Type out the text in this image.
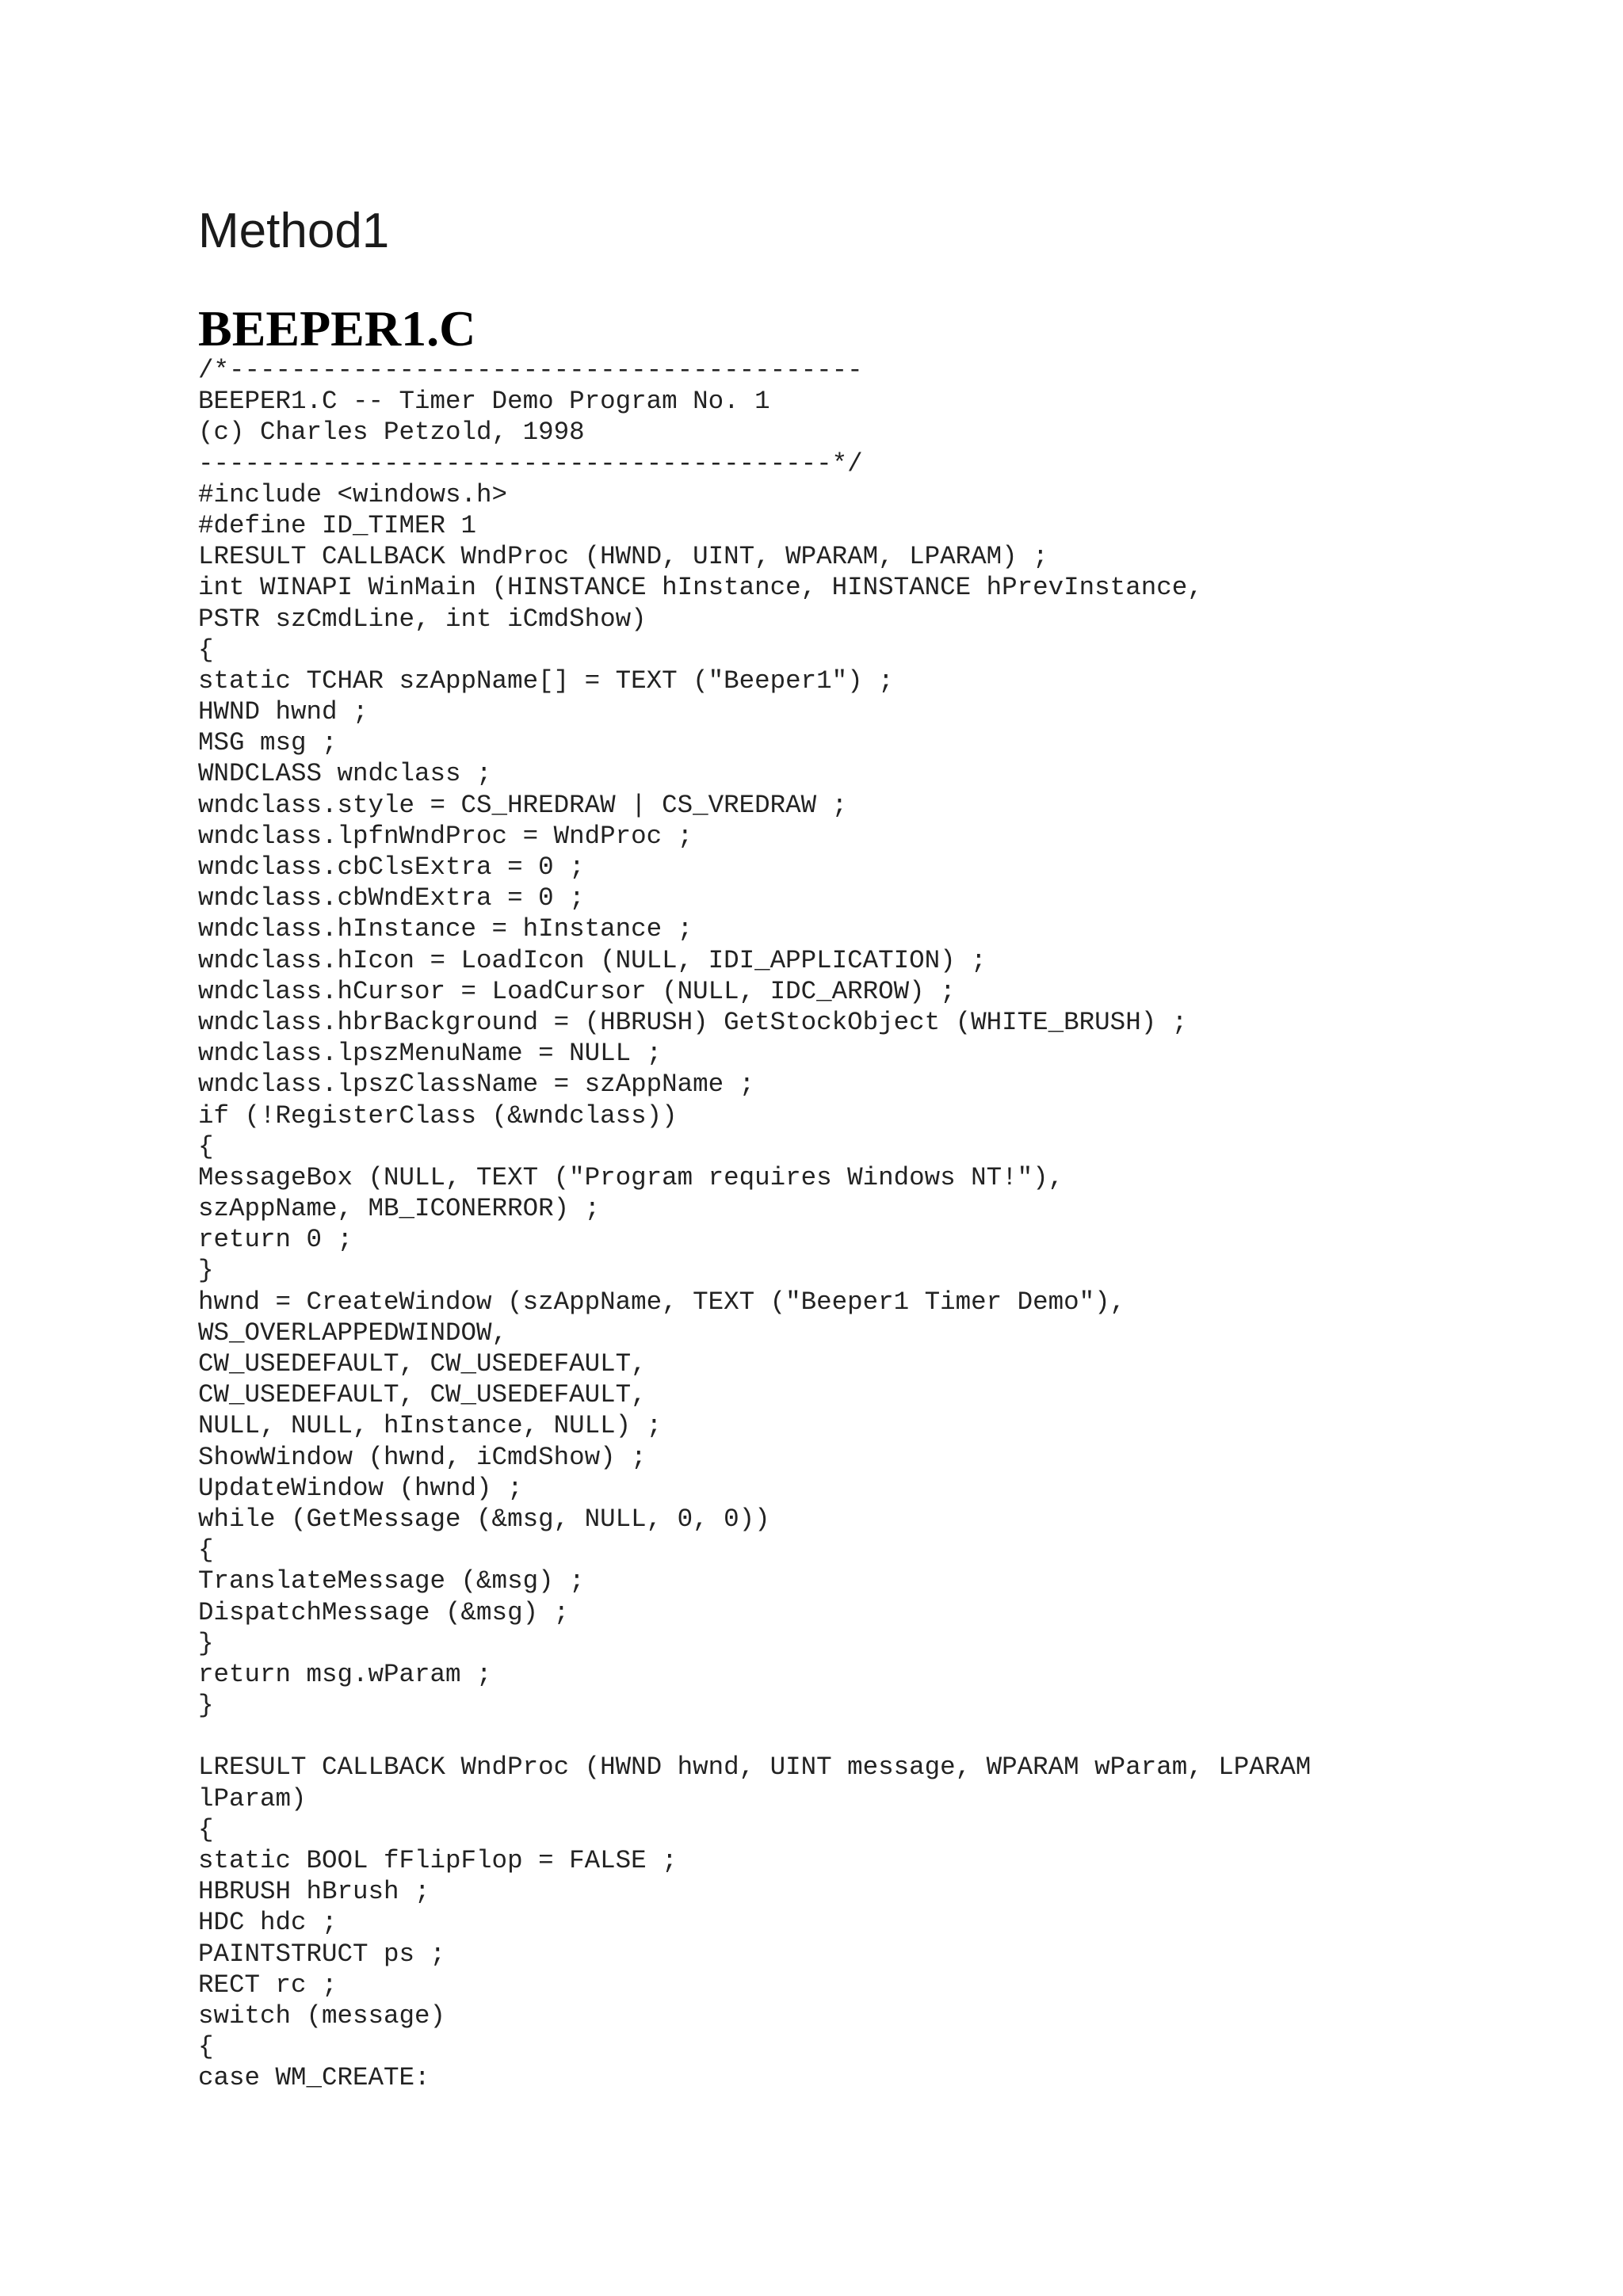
Method1
BEEPER1.C
/*-----------------------------------------
BEEPER1.C -- Timer Demo Program No. 1
(c) Charles Petzold, 1998
-----------------------------------------*/
#include <windows.h>
#define ID_TIMER 1
LRESULT CALLBACK WndProc (HWND, UINT, WPARAM, LPARAM) ;
int WINAPI WinMain (HINSTANCE hInstance, HINSTANCE hPrevInstance,
PSTR szCmdLine, int iCmdShow)
{
static TCHAR szAppName[] = TEXT ("Beeper1") ;
HWND hwnd ;
MSG msg ;
WNDCLASS wndclass ;
wndclass.style = CS_HREDRAW | CS_VREDRAW ;
wndclass.lpfnWndProc = WndProc ;
wndclass.cbClsExtra = 0 ;
wndclass.cbWndExtra = 0 ;
wndclass.hInstance = hInstance ;
wndclass.hIcon = LoadIcon (NULL, IDI_APPLICATION) ;
wndclass.hCursor = LoadCursor (NULL, IDC_ARROW) ;
wndclass.hbrBackground = (HBRUSH) GetStockObject (WHITE_BRUSH) ;
wndclass.lpszMenuName = NULL ;
wndclass.lpszClassName = szAppName ;
if (!RegisterClass (&wndclass))
{
MessageBox (NULL, TEXT ("Program requires Windows NT!"),
szAppName, MB_ICONERROR) ;
return 0 ;
}
hwnd = CreateWindow (szAppName, TEXT ("Beeper1 Timer Demo"),
WS_OVERLAPPEDWINDOW,
CW_USEDEFAULT, CW_USEDEFAULT,
CW_USEDEFAULT, CW_USEDEFAULT,
NULL, NULL, hInstance, NULL) ;
ShowWindow (hwnd, iCmdShow) ;
UpdateWindow (hwnd) ;
while (GetMessage (&msg, NULL, 0, 0))
{
TranslateMessage (&msg) ;
DispatchMessage (&msg) ;
}
return msg.wParam ;
}
LRESULT CALLBACK WndProc (HWND hwnd, UINT message, WPARAM wParam, LPARAM
lParam)
{
static BOOL fFlipFlop = FALSE ;
HBRUSH hBrush ;
HDC hdc ;
PAINTSTRUCT ps ;
RECT rc ;
switch (message)
{
case WM_CREATE:
